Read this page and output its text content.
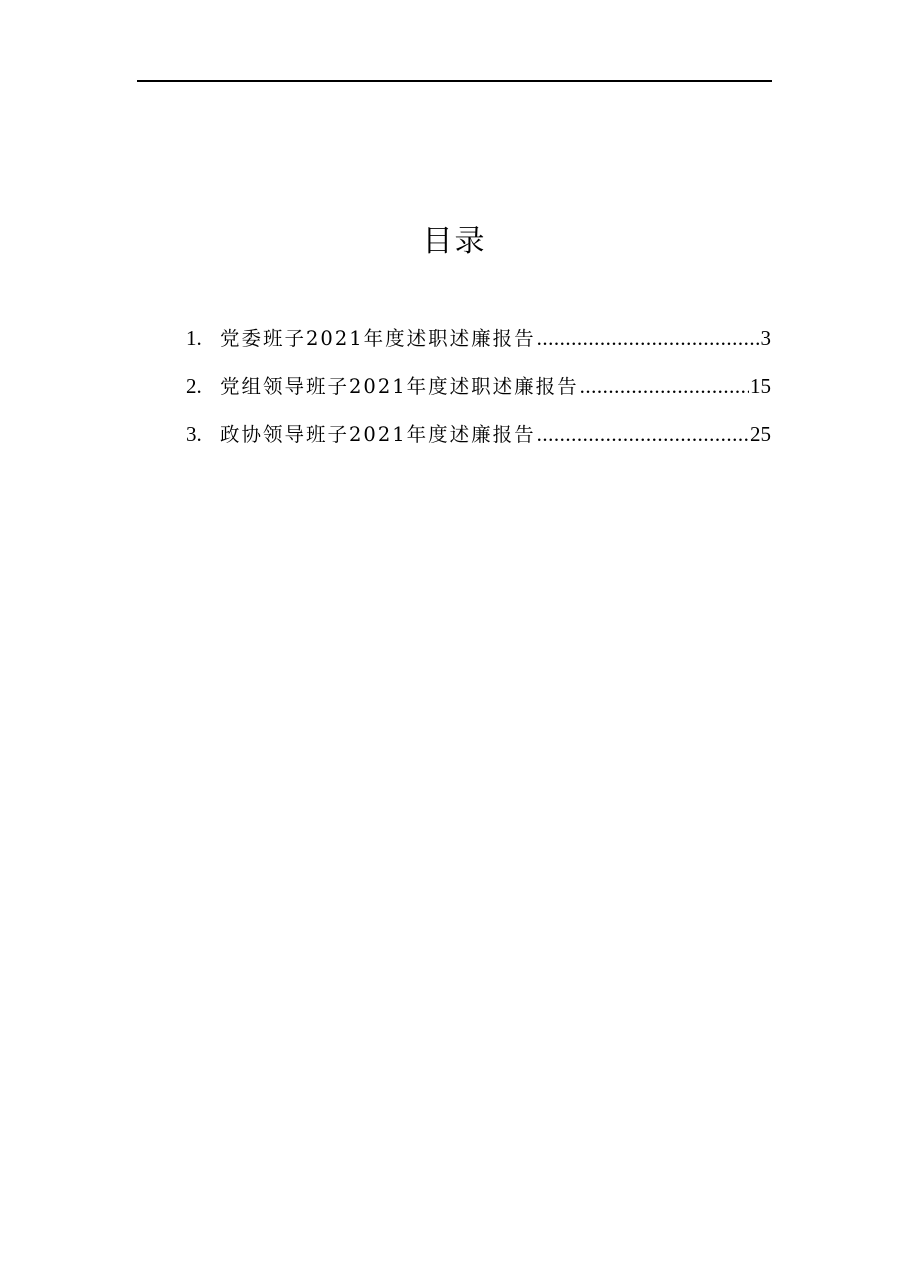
目录
1. 党委班子2021年度述职述廉报告 .....	3
2. 党组领导班子2021年度述职述廉报告 .....	15
3. 政协领导班子2021年度述廉报告 .....	25
